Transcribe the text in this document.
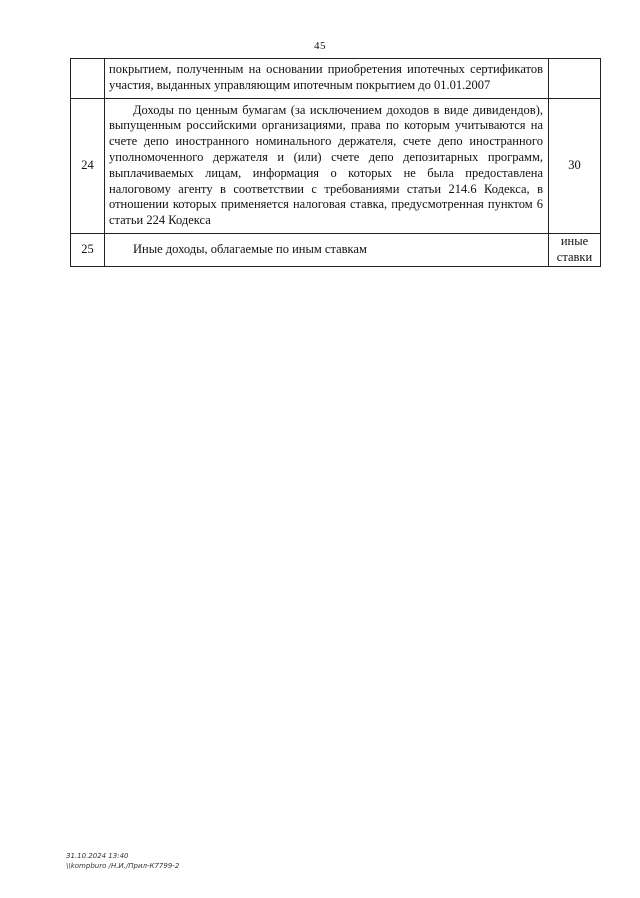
45
	покрытием, полученным на основании приобретения ипотечных сертификатов участия, выданных управляющим ипотечным покрытием до 01.01.2007	
24	Доходы по ценным бумагам (за исключением доходов в виде дивидендов), выпущенным российскими организациями, права по которым учитываются на счете депо иностранного номинального держателя, счете депо иностранного уполномоченного держателя и (или) счете депо депозитарных программ, выплачиваемых лицам, информация о которых не была предоставлена налоговому агенту в соответствии с требованиями статьи 214.6 Кодекса, в отношении которых применяется налоговая ставка, предусмотренная пунктом 6 статьи 224 Кодекса	30
25	Иные доходы, облагаемые по иным ставкам	иные ставки
31.10.2024 13:40
\\kompburo /Н.И./Прил-К7799-2
